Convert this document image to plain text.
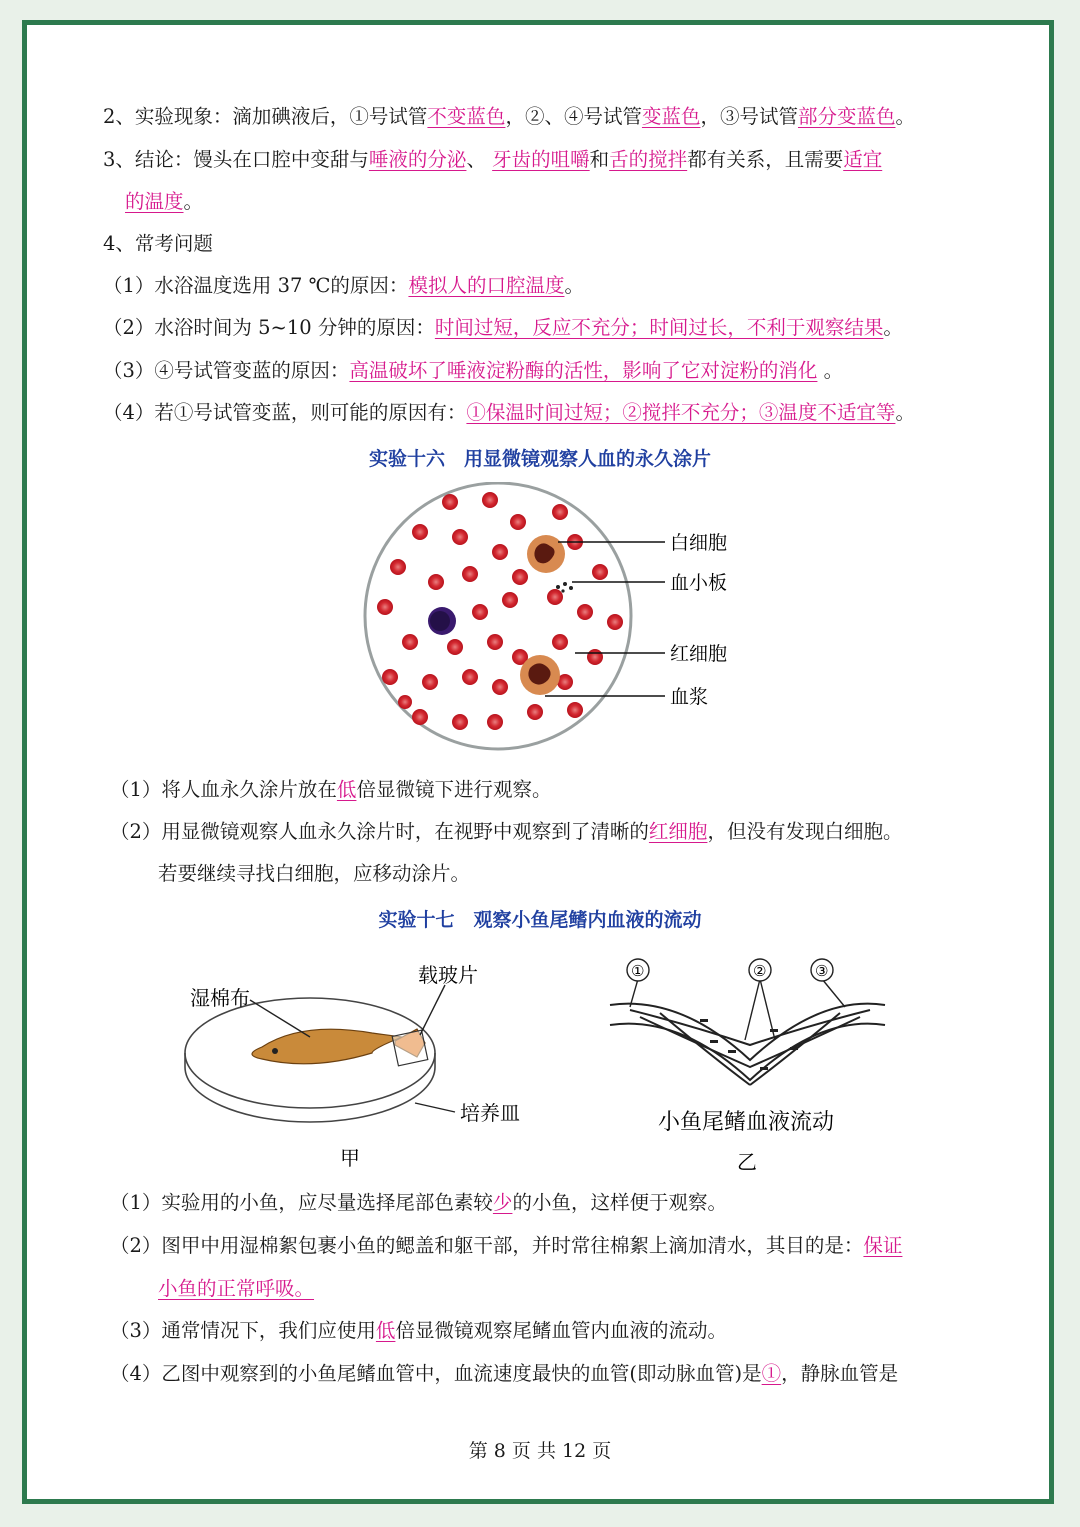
2、实验现象：滴加碘液后，①号试管不变蓝色，②、④号试管变蓝色，③号试管部分变蓝色。
3、结论：馒头在口腔中变甜与唾液的分泌、 牙齿的咀嚼和舌的搅拌都有关系，且需要适宜
的温度。
4、常考问题
（1）水浴温度选用 37 ℃的原因：模拟人的口腔温度。
（2）水浴时间为 5~10 分钟的原因：时间过短，反应不充分；时间过长，不利于观察结果。
（3）④号试管变蓝的原因：高温破坏了唾液淀粉酶的活性，影响了它对淀粉的消化 。
（4）若①号试管变蓝，则可能的原因有：①保温时间过短；②搅拌不充分；③温度不适宜等。
实验十六　用显微镜观察人血的永久涂片
白细胞
血小板
红细胞
血浆
（1）将人血永久涂片放在低倍显微镜下进行观察。
（2）用显微镜观察人血永久涂片时，在视野中观察到了清晰的红细胞，但没有发现白细胞。
若要继续寻找白细胞，应移动涂片。
实验十七　观察小鱼尾鳍内血液的流动
湿棉布
载玻片
培养皿
甲
①	②	③
小鱼尾鳍血液流动
乙
（1）实验用的小鱼，应尽量选择尾部色素较少的小鱼，这样便于观察。
（2）图甲中用湿棉絮包裹小鱼的鳃盖和躯干部，并时常往棉絮上滴加清水，其目的是：保证
小鱼的正常呼吸。
（3）通常情况下，我们应使用低倍显微镜观察尾鳍血管内血液的流动。
（4）乙图中观察到的小鱼尾鳍血管中，血流速度最快的血管(即动脉血管)是①，静脉血管是
第 8 页 共 12 页
